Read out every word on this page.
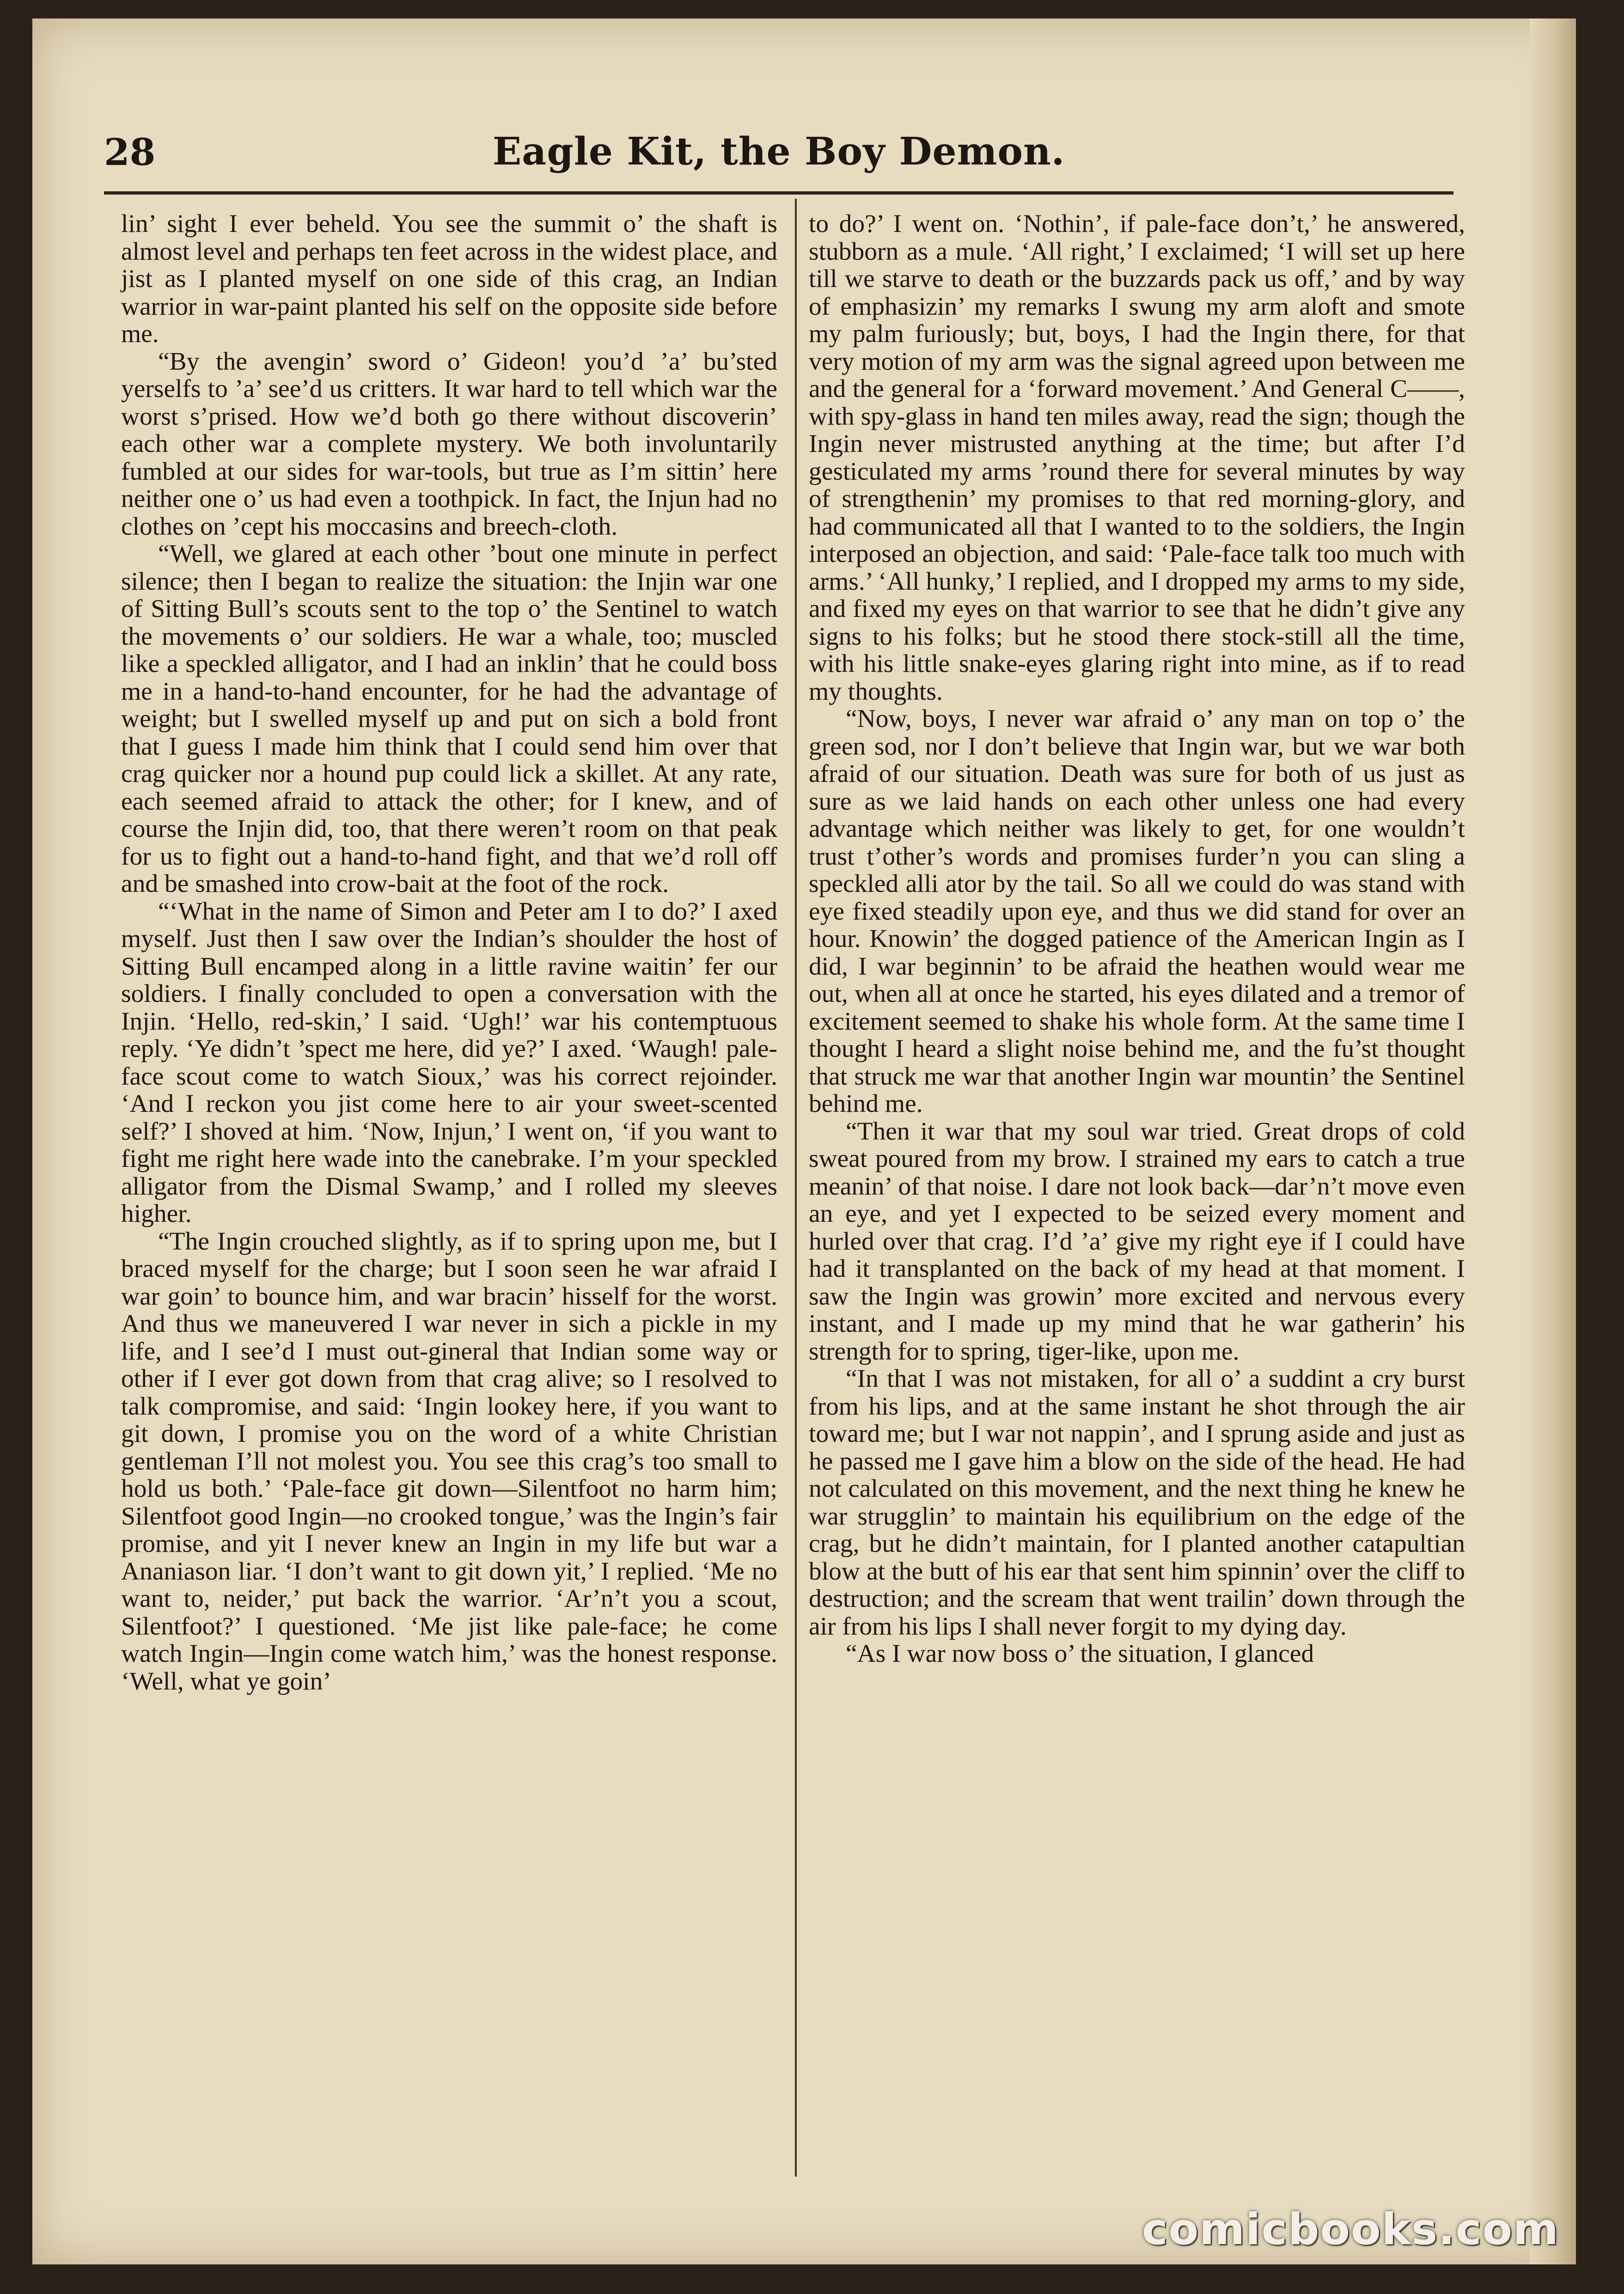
28	Eagle Kit, the Boy Demon.

lin’ sight I ever beheld. You see the summit o’ the shaft is almost level and perhaps ten feet across in the widest place, and jist as I planted myself on one side of this crag, an Indian warrior in war-paint planted his self on the opposite side before me.

“By the avengin’ sword o’ Gideon! you’d ’a’ bu’sted yerselfs to ’a’ see’d us critters. It war hard to tell which war the worst s’prised. How we’d both go there without discoverin’ each other war a complete mystery. We both involuntarily fumbled at our sides for war-tools, but true as I’m sittin’ here neither one o’ us had even a toothpick. In fact, the Injun had no clothes on ’cept his moccasins and breech-cloth.

“Well, we glared at each other ’bout one minute in perfect silence; then I began to realize the situation: the Injin war one of Sitting Bull’s scouts sent to the top o’ the Sentinel to watch the movements o’ our soldiers. He war a whale, too; muscled like a speckled alligator, and I had an inklin’ that he could boss me in a hand-to-hand encounter, for he had the advantage of weight; but I swelled myself up and put on sich a bold front that I guess I made him think that I could send him over that crag quicker nor a hound pup could lick a skillet. At any rate, each seemed afraid to attack the other; for I knew, and of course the Injin did, too, that there weren’t room on that peak for us to fight out a hand-to-hand fight, and that we’d roll off and be smashed into crow-bait at the foot of the rock.

“‘What in the name of Simon and Peter am I to do?’ I axed myself. Just then I saw over the Indian’s shoulder the host of Sitting Bull encamped along in a little ravine waitin’ fer our soldiers. I finally concluded to open a conversation with the Injin. ‘Hello, red-skin,’ I said. ‘Ugh!’ war his contemptuous reply. ‘Ye didn’t ’spect me here, did ye?’ I axed. ‘Waugh! pale-face scout come to watch Sioux,’ was his correct rejoinder. ‘And I reckon you jist come here to air your sweet-scented self?’ I shoved at him. ‘Now, Injun,’ I went on, ‘if you want to fight me right here wade into the canebrake. I’m your speckled alligator from the Dismal Swamp,’ and I rolled my sleeves higher.

“The Ingin crouched slightly, as if to spring upon me, but I braced myself for the charge; but I soon seen he war afraid I war goin’ to bounce him, and war bracin’ hisself for the worst. And thus we maneuvered I war never in sich a pickle in my life, and I see’d I must out-gineral that Indian some way or other if I ever got down from that crag alive; so I resolved to talk compromise, and said: ‘Ingin lookey here, if you want to git down, I promise you on the word of a white Christian gentleman I’ll not molest you. You see this crag’s too small to hold us both.’ ‘Pale-face git down—Silentfoot no harm him; Silentfoot good Ingin—no crooked tongue,’ was the Ingin’s fair promise, and yit I never knew an Ingin in my life but war a Ananiason liar. ‘I don’t want to git down yit,’ I replied. ‘Me no want to, neider,’ put back the warrior. ‘Ar’n’t you a scout, Silentfoot?’ I questioned. ‘Me jist like pale-face; he come watch Ingin—Ingin come watch him,’ was the honest response. ‘Well, what ye goin’

to do?’ I went on. ‘Nothin’, if pale-face don’t,’ he answered, stubborn as a mule. ‘All right,’ I exclaimed; ‘I will set up here till we starve to death or the buzzards pack us off,’ and by way of emphasizin’ my remarks I swung my arm aloft and smote my palm furiously; but, boys, I had the Ingin there, for that very motion of my arm was the signal agreed upon between me and the general for a ‘forward movement.’ And General C——, with spy-glass in hand ten miles away, read the sign; though the Ingin never mistrusted anything at the time; but after I’d gesticulated my arms ’round there for several minutes by way of strengthenin’ my promises to that red morning-glory, and had communicated all that I wanted to to the soldiers, the Ingin interposed an objection, and said: ‘Pale-face talk too much with arms.’ ‘All hunky,’ I replied, and I dropped my arms to my side, and fixed my eyes on that warrior to see that he didn’t give any signs to his folks; but he stood there stock-still all the time, with his little snake-eyes glaring right into mine, as if to read my thoughts.

“Now, boys, I never war afraid o’ any man on top o’ the green sod, nor I don’t believe that Ingin war, but we war both afraid of our situation. Death was sure for both of us just as sure as we laid hands on each other unless one had every advantage which neither was likely to get, for one wouldn’t trust t’other’s words and promises furder’n you can sling a speckled alli ator by the tail. So all we could do was stand with eye fixed steadily upon eye, and thus we did stand for over an hour. Knowin’ the dogged patience of the American Ingin as I did, I war beginnin’ to be afraid the heathen would wear me out, when all at once he started, his eyes dilated and a tremor of excitement seemed to shake his whole form. At the same time I thought I heard a slight noise behind me, and the fu’st thought that struck me war that another Ingin war mountin’ the Sentinel behind me.

“Then it war that my soul war tried. Great drops of cold sweat poured from my brow. I strained my ears to catch a true meanin’ of that noise. I dare not look back—dar’n’t move even an eye, and yet I expected to be seized every moment and hurled over that crag. I’d ’a’ give my right eye if I could have had it transplanted on the back of my head at that moment. I saw the Ingin was growin’ more excited and nervous every instant, and I made up my mind that he war gatherin’ his strength for to spring, tiger-like, upon me.

“In that I was not mistaken, for all o’ a suddint a cry burst from his lips, and at the same instant he shot through the air toward me; but I war not nappin’, and I sprung aside and just as he passed me I gave him a blow on the side of the head. He had not calculated on this movement, and the next thing he knew he war strugglin’ to maintain his equilibrium on the edge of the crag, but he didn’t maintain, for I planted another catapultian blow at the butt of his ear that sent him spinnin’ over the cliff to destruction; and the scream that went trailin’ down through the air from his lips I shall never forgit to my dying day.

“As I war now boss o’ the situation, I glanced

comicbooks.com
